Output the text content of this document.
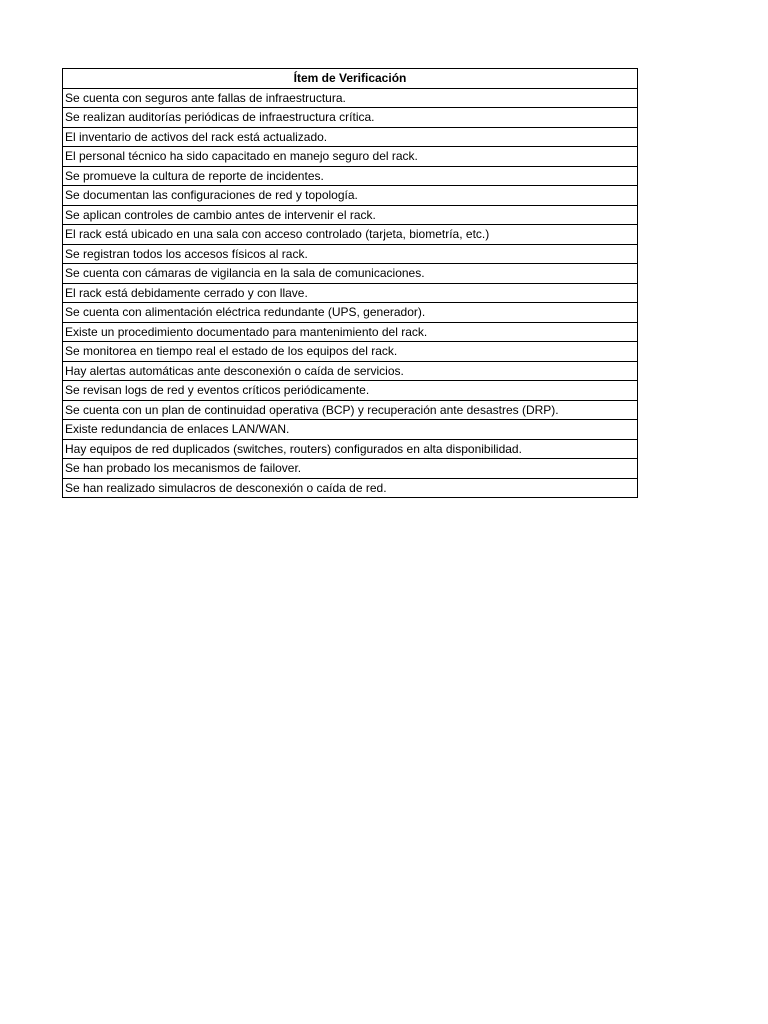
Ítem de Verificación
Se cuenta con seguros ante fallas de infraestructura.
Se realizan auditorías periódicas de infraestructura crítica.
El inventario de activos del rack está actualizado.
El personal técnico ha sido capacitado en manejo seguro del rack.
Se promueve la cultura de reporte de incidentes.
Se documentan las configuraciones de red y topología.
Se aplican controles de cambio antes de intervenir el rack.
El rack está ubicado en una sala con acceso controlado (tarjeta, biometría, etc.)
Se registran todos los accesos físicos al rack.
Se cuenta con cámaras de vigilancia en la sala de comunicaciones.
El rack está debidamente cerrado y con llave.
Se cuenta con alimentación eléctrica redundante (UPS, generador).
Existe un procedimiento documentado para mantenimiento del rack.
Se monitorea en tiempo real el estado de los equipos del rack.
Hay alertas automáticas ante desconexión o caída de servicios.
Se revisan logs de red y eventos críticos periódicamente.
Se cuenta con un plan de continuidad operativa (BCP) y recuperación ante desastres (DRP).
Existe redundancia de enlaces LAN/WAN.
Hay equipos de red duplicados (switches, routers) configurados en alta disponibilidad.
Se han probado los mecanismos de failover.
Se han realizado simulacros de desconexión o caída de red.
